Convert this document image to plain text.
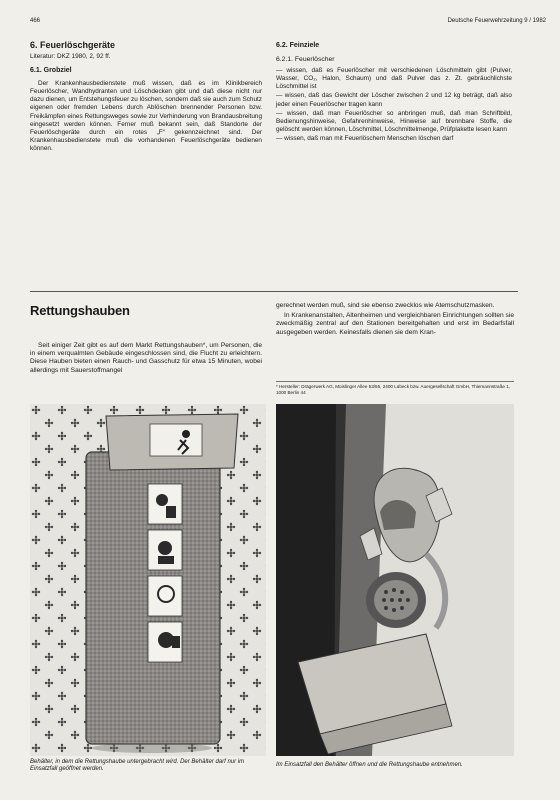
466	Deutsche Feuerwehrzeitung 9 / 1982
6. Feuerlöschgeräte
Literatur: DKZ 1980, 2, 92 ff.
6.1. Grobziel

Der Krankenhausbedienstete muß wissen, daß es im Klinikbereich Feuerlöscher, Wandhydranten und Löschdecken gibt und daß diese nicht nur dazu dienen, um Entstehungsfeuer zu löschen, sondern daß sie auch zum Schutz eigenen oder fremden Lebens durch Ablöschen brennender Personen bzw. Freikämpfen eines Rettungsweges sowie zur Verhinderung von Brandausbreitung eingesetzt werden können. Ferner muß bekannt sein, daß Standorte der Feuerlöschgeräte durch ein rotes „F“ gekennzeichnet sind. Der Krankenhausbedienstete muß die vorhandenen Feuerlöschgeräte bedienen können.

6.2. Feinziele
6.2.1. Feuerlöscher
— wissen, daß es Feuerlöscher mit verschiedenen Löschmitteln gibt (Pulver, Wasser, CO₂, Halon, Schaum) und daß Pulver das z. Zt. gebräuchlichste Löschmittel ist
— wissen, daß das Gewicht der Löscher zwischen 2 und 12 kg beträgt, daß also jeder einen Feuerlöscher tragen kann
— wissen, daß man Feuerlöscher so anbringen muß, daß man Schriftbild, Bedienungshinweise, Gefahrenhinweise, Hinweise auf brennbare Stoffe, die gelöscht werden können, Löschmittel, Löschmittelmenge, Prüfplakette lesen kann
— wissen, daß man mit Feuerlöschern Menschen löschen darf
Rettungshauben

Seit einiger Zeit gibt es auf dem Markt Rettungshauben*, um Personen, die in einem verqualmten Gebäude eingeschlossen sind, die Flucht zu erleichtern. Diese Hauben bieten einen Rauch- und Gasschutz für etwa 15 Minuten, wobei allerdings mit Sauerstoffmangel

gerechnet werden muß, sind sie ebenso zwecklos wie Atemschutzmasken.

In Krankenanstalten, Altenheimen und vergleichbaren Einrichtungen sollten sie zweckmäßig zentral auf den Stationen bereitgehalten und erst im Bedarfsfall ausgegeben werden. Keinesfalls dienen sie dem Kran-

* Hersteller: Drägerwerk AG, Moislinger Allee 53/55, 2400 Lübeck bzw. Auergesellschaft GmbH, Thiemannstraße 1, 1000 Berlin 44
Behälter, in dem die Rettungshaube untergebracht wird. Der Behälter darf nur im Einsatzfall geöffnet werden.
Im Einsatzfall den Behälter öffnen und die Rettungshaube entnehmen.
